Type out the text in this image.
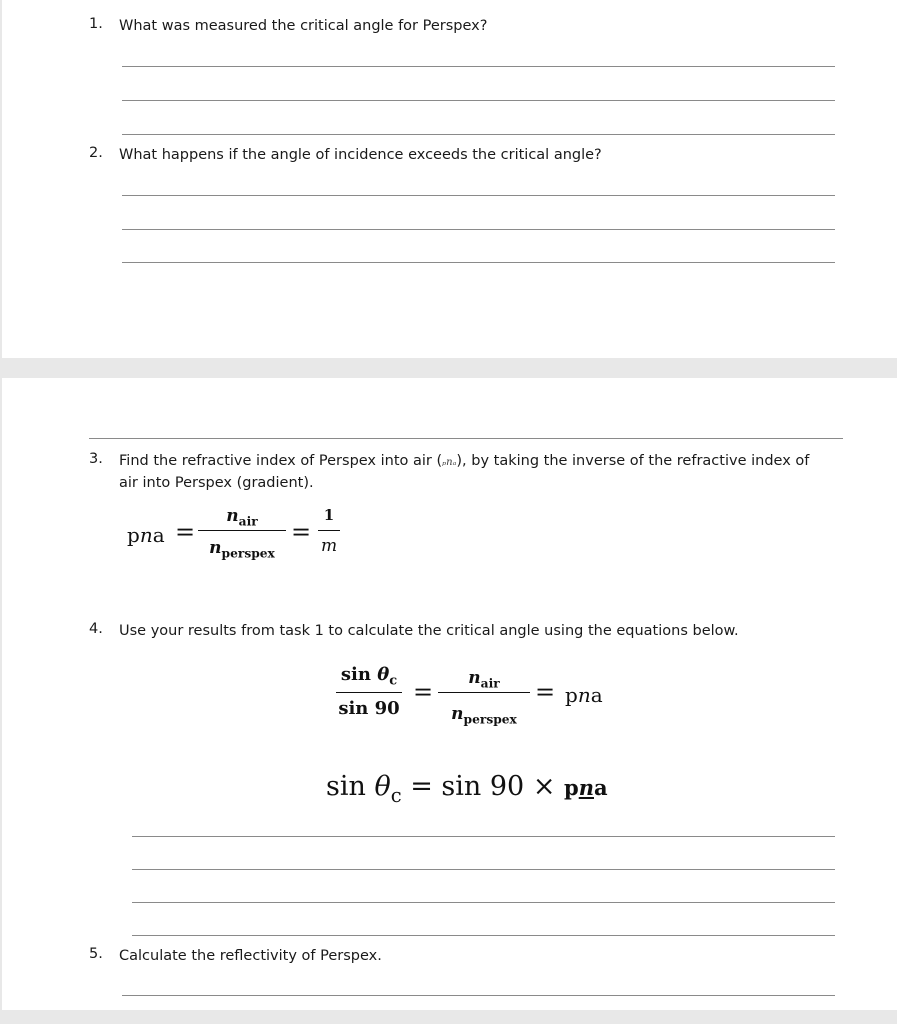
1. What was measured the critical angle for Perspex?
2. What happens if the angle of incidence exceeds the critical angle?
3. Find the refractive index of Perspex into air (ₚnₐ), by taking the inverse of the refractive index of air into Perspex (gradient).
pna =
$n_{air}$
$n_{perspex}$
=
1
m
4. Use your results from task 1 to calculate the critical angle using the equations below.
$\sin \theta_c$
sin 90
=	$n_{air}$
$n_{perspex}$
= pna
$\sin \theta_c = \sin 90$ × pna
5. Calculate the reflectivity of Perspex.
